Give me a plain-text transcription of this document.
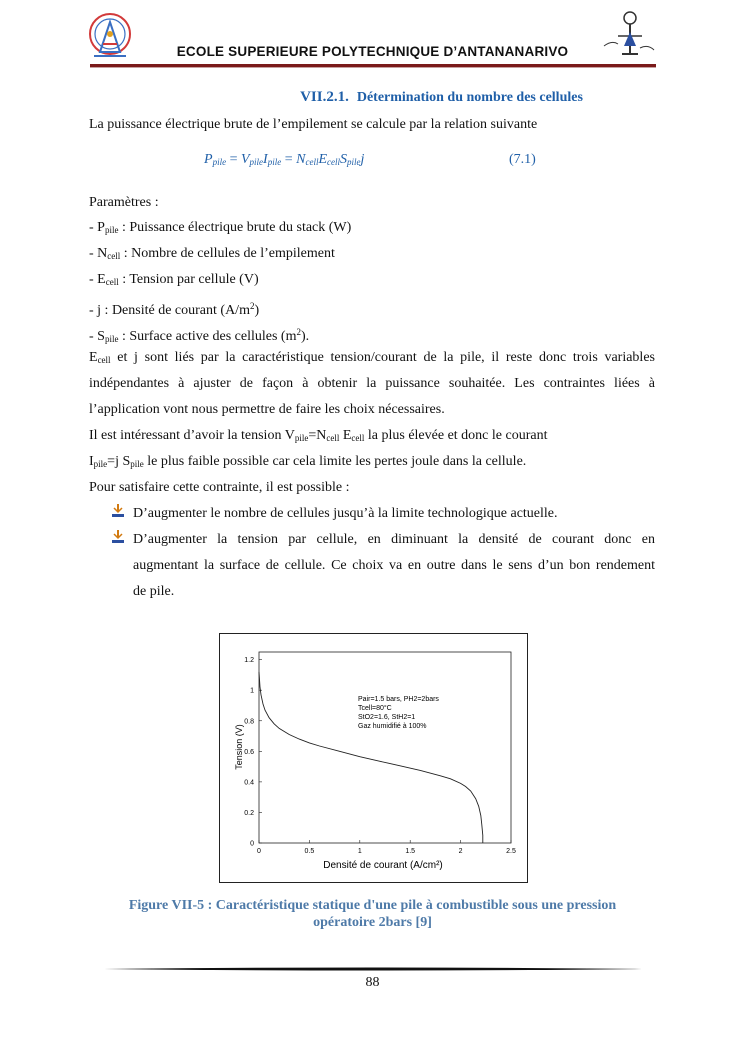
ECOLE SUPERIEURE POLYTECHNIQUE D’ANTANANARIVO
VII.2.1. Détermination du nombre des cellules
La puissance électrique brute de l’empilement se calcule par la relation suivante
$P_{pile} = V_{pile}I_{pile} = N_{cell}E_{cell}S_{pile}j$	(7.1)
Paramètres :
- $P_{pile}$ : Puissance électrique brute du stack (W)
- $N_{cell}$ : Nombre de cellules de l’empilement
- $E_{cell}$ : Tension par cellule (V)
- j : Densité de courant $(A/m^2)$
- $S_{pile}$ : Surface active des cellules $(m^2)$.
$E_{cell}$ et j sont liés par la caractéristique tension/courant de la pile, il reste donc trois variables
indépendantes à ajuster de façon à obtenir la puissance souhaitée. Les contraintes liées à
l’application vont nous permettre de faire les choix nécessaires.
Il est intéressant d’avoir la tension $V_{pile}=N_{cell}$ $E_{cell}$ la plus élevée et donc le courant
$I_{pile}=j$ $S_{pile}$ le plus faible possible car cela limite les pertes joule dans la cellule.
Pour satisfaire cette contrainte, il est possible :
D’augmenter le nombre de cellules jusqu’à la limite technologique actuelle.
D’augmenter la tension par cellule, en diminuant la densité de courant donc en
augmentant la surface de cellule. Ce choix va en outre dans le sens d’un bon rendement
de pile.
0	0.5	1	1.5	2	2.5
0
0.2
0.4
0.6
0.8
1
1.2
Pair=1.5 bars, PH2=2bars
Tcell=80°C
StO2=1.6, StH2=1
Gaz humidifié à 100%
Tension (V)
Densité de courant (A/cm²)
Figure VII-5 : Caractéristique statique d'une pile à combustible sous une pression
opératoire 2bars [9]
88
